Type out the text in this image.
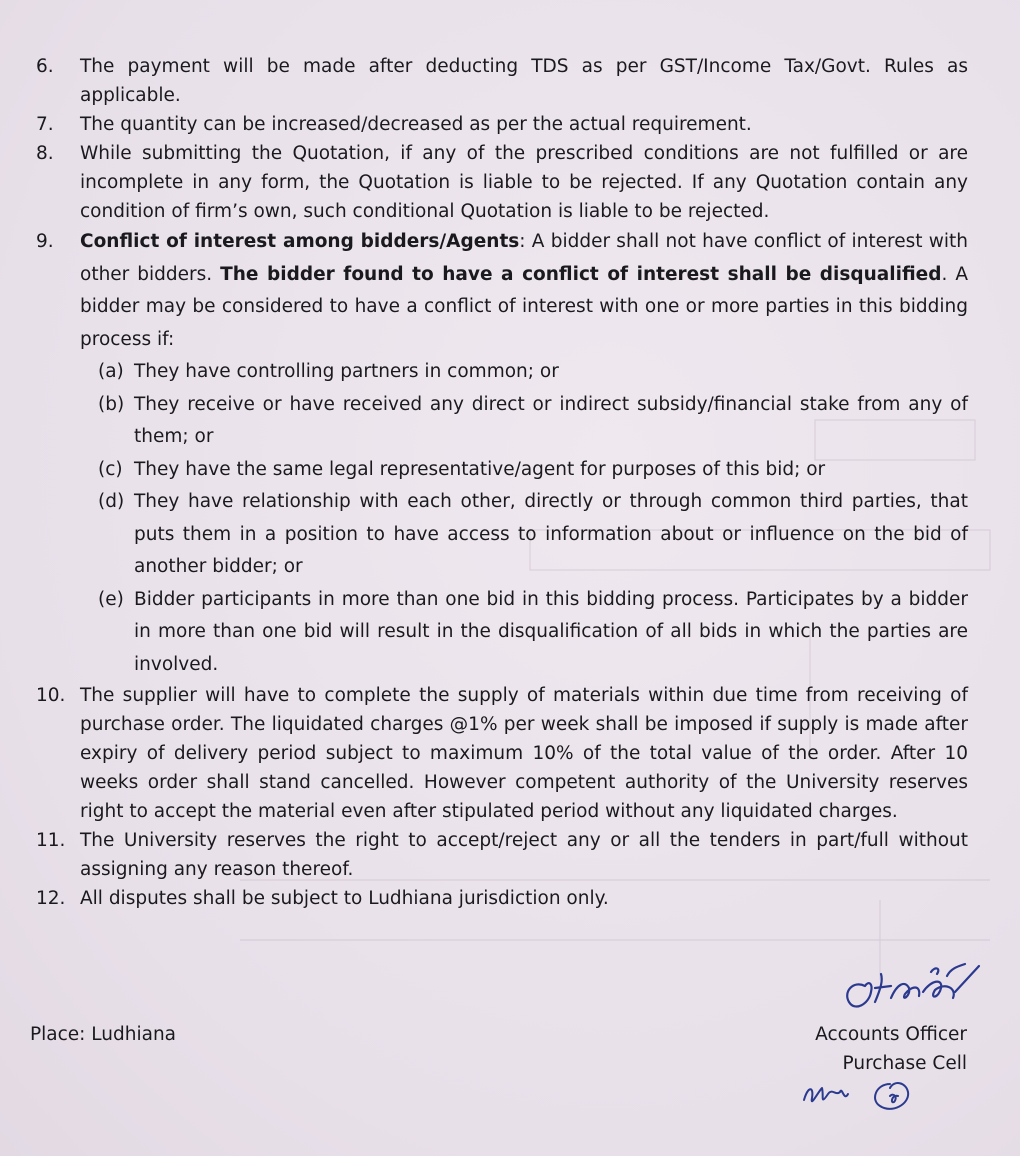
6.	The payment will be made after deducting TDS as per GST/Income Tax/Govt. Rules as applicable.
7.	The quantity can be increased/decreased as per the actual requirement.
8.	While submitting the Quotation, if any of the prescribed conditions are not fulfilled or are incomplete in any form, the Quotation is liable to be rejected. If any Quotation contain any condition of firm’s own, such conditional Quotation is liable to be rejected.
9.	Conflict of interest among bidders/Agents: A bidder shall not have conflict of interest with other bidders. The bidder found to have a conflict of interest shall be disqualified. A bidder may be considered to have a conflict of interest with one or more parties in this bidding process if:
(a) They have controlling partners in common; or
(b) They receive or have received any direct or indirect subsidy/financial stake from any of them; or
(c) They have the same legal representative/agent for purposes of this bid; or
(d) They have relationship with each other, directly or through common third parties, that puts them in a position to have access to information about or influence on the bid of another bidder; or
(e) Bidder participants in more than one bid in this bidding process. Participates by a bidder in more than one bid will result in the disqualification of all bids in which the parties are involved.
10. The supplier will have to complete the supply of materials within due time from receiving of purchase order. The liquidated charges @1% per week shall be imposed if supply is made after expiry of delivery period subject to maximum 10% of the total value of the order. After 10 weeks order shall stand cancelled. However competent authority of the University reserves right to accept the material even after stipulated period without any liquidated charges.
11. The University reserves the right to accept/reject any or all the tenders in part/full without assigning any reason thereof.
12. All disputes shall be subject to Ludhiana jurisdiction only.
Place: Ludhiana	Accounts Officer
Purchase Cell
